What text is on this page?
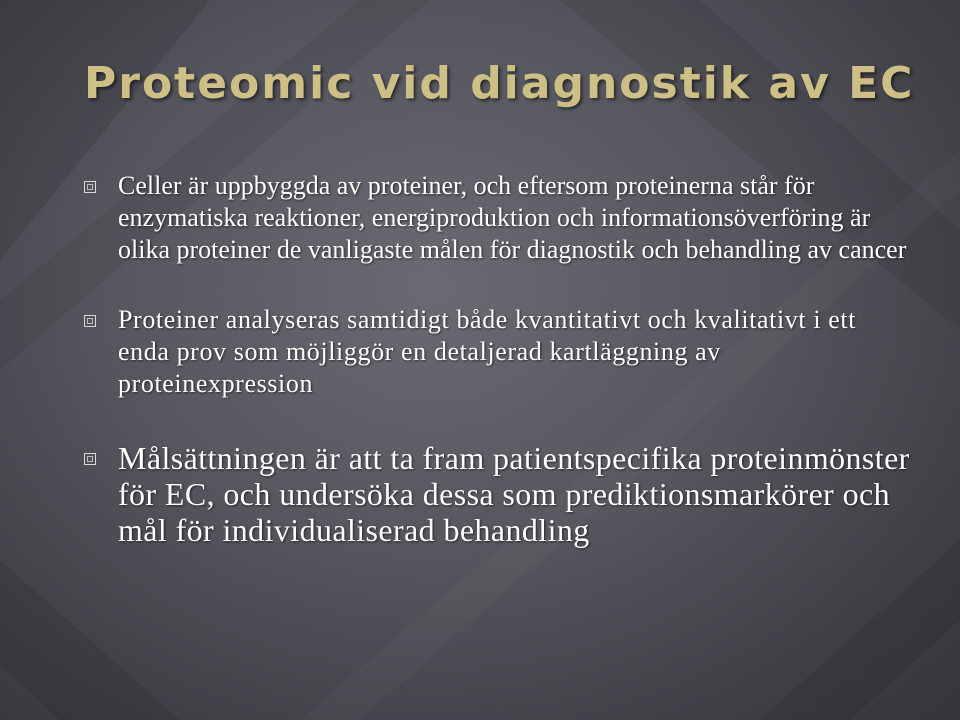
Proteomic vid diagnostik av EC
Celler är uppbyggda av proteiner, och eftersom proteinerna står för enzymatiska reaktioner, energiproduktion och informationsöverföring är olika proteiner de vanligaste målen för diagnostik och behandling av cancer
Proteiner analyseras samtidigt både kvantitativt och kvalitativt i ett enda prov som möjliggör en detaljerad kartläggning av proteinexpression
Målsättningen är att ta fram patientspecifika proteinmönster för EC, och undersöka dessa som prediktionsmarkörer och mål för individualiserad behandling
